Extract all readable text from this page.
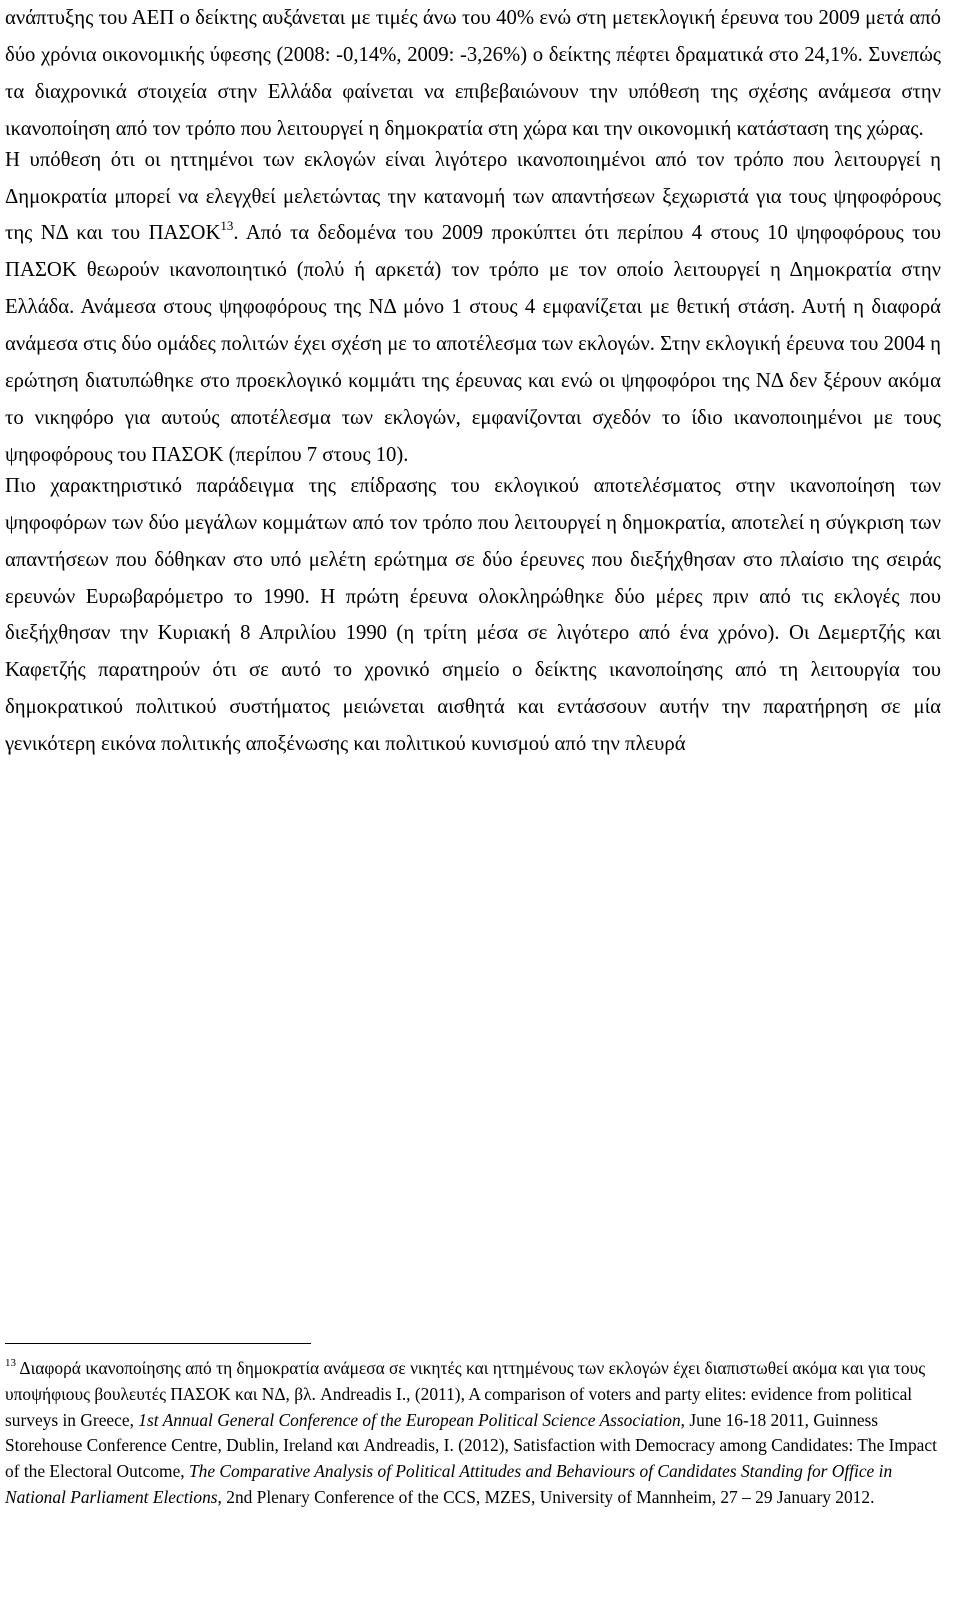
ανάπτυξης του ΑΕΠ ο δείκτης αυξάνεται με τιμές άνω του 40% ενώ στη μετεκλογική έρευνα του 2009 μετά από δύο χρόνια οικονομικής ύφεσης (2008: -0,14%, 2009: -3,26%) ο δείκτης πέφτει δραματικά στο 24,1%. Συνεπώς τα διαχρονικά στοιχεία στην Ελλάδα φαίνεται να επιβεβαιώνουν την υπόθεση της σχέσης ανάμεσα στην ικανοποίηση από τον τρόπο που λειτουργεί η δημοκρατία στη χώρα και την οικονομική κατάσταση της χώρας.

Η υπόθεση ότι οι ηττημένοι των εκλογών είναι λιγότερο ικανοποιημένοι από τον τρόπο που λειτουργεί η Δημοκρατία μπορεί να ελεγχθεί μελετώντας την κατανομή των απαντήσεων ξεχωριστά για τους ψηφοφόρους της ΝΔ και του ΠΑΣΟΚ$^{13}$. Από τα δεδομένα του 2009 προκύπτει ότι περίπου 4 στους 10 ψηφοφόρους του ΠΑΣΟΚ θεωρούν ικανοποιητικό (πολύ ή αρκετά) τον τρόπο με τον οποίο λειτουργεί η Δημοκρατία στην Ελλάδα. Ανάμεσα στους ψηφοφόρους της ΝΔ μόνο 1 στους 4 εμφανίζεται με θετική στάση. Αυτή η διαφορά ανάμεσα στις δύο ομάδες πολιτών έχει σχέση με το αποτέλεσμα των εκλογών. Στην εκλογική έρευνα του 2004 η ερώτηση διατυπώθηκε στο προεκλογικό κομμάτι της έρευνας και ενώ οι ψηφοφόροι της ΝΔ δεν ξέρουν ακόμα το νικηφόρο για αυτούς αποτέλεσμα των εκλογών, εμφανίζονται σχεδόν το ίδιο ικανοποιημένοι με τους ψηφοφόρους του ΠΑΣΟΚ (περίπου 7 στους 10).

Πιο χαρακτηριστικό παράδειγμα της επίδρασης του εκλογικού αποτελέσματος στην ικανοποίηση των ψηφοφόρων των δύο μεγάλων κομμάτων από τον τρόπο που λειτουργεί η δημοκρατία, αποτελεί η σύγκριση των απαντήσεων που δόθηκαν στο υπό μελέτη ερώτημα σε δύο έρευνες που διεξήχθησαν στο πλαίσιο της σειράς ερευνών Ευρωβαρόμετρο το 1990. Η πρώτη έρευνα ολοκληρώθηκε δύο μέρες πριν από τις εκλογές που διεξήχθησαν την Κυριακή 8 Απριλίου 1990 (η τρίτη μέσα σε λιγότερο από ένα χρόνο). Οι Δεμερτζής και Καφετζής παρατηρούν ότι σε αυτό το χρονικό σημείο ο δείκτης ικανοποίησης από τη λειτουργία του δημοκρατικού πολιτικού συστήματος μειώνεται αισθητά και εντάσσουν αυτήν την παρατήρηση σε μία γενικότερη εικόνα πολιτικής αποξένωσης και πολιτικού κυνισμού από την πλευρά

$^{13}$ Διαφορά ικανοποίησης από τη δημοκρατία ανάμεσα σε νικητές και ηττημένους των εκλογών έχει διαπιστωθεί ακόμα και για τους υποψήφιους βουλευτές ΠΑΣΟΚ και ΝΔ, βλ. Andreadis I., (2011), A comparison of voters and party elites: evidence from political surveys in Greece, 1st Annual General Conference of the European Political Science Association, June 16-18 2011, Guinness Storehouse Conference Centre, Dublin, Ireland και Andreadis, I. (2012), Satisfaction with Democracy among Candidates: The Impact of the Electoral Outcome, The Comparative Analysis of Political Attitudes and Behaviours of Candidates Standing for Office in National Parliament Elections, 2nd Plenary Conference of the CCS, MZES, University of Mannheim, 27 – 29 January 2012.
